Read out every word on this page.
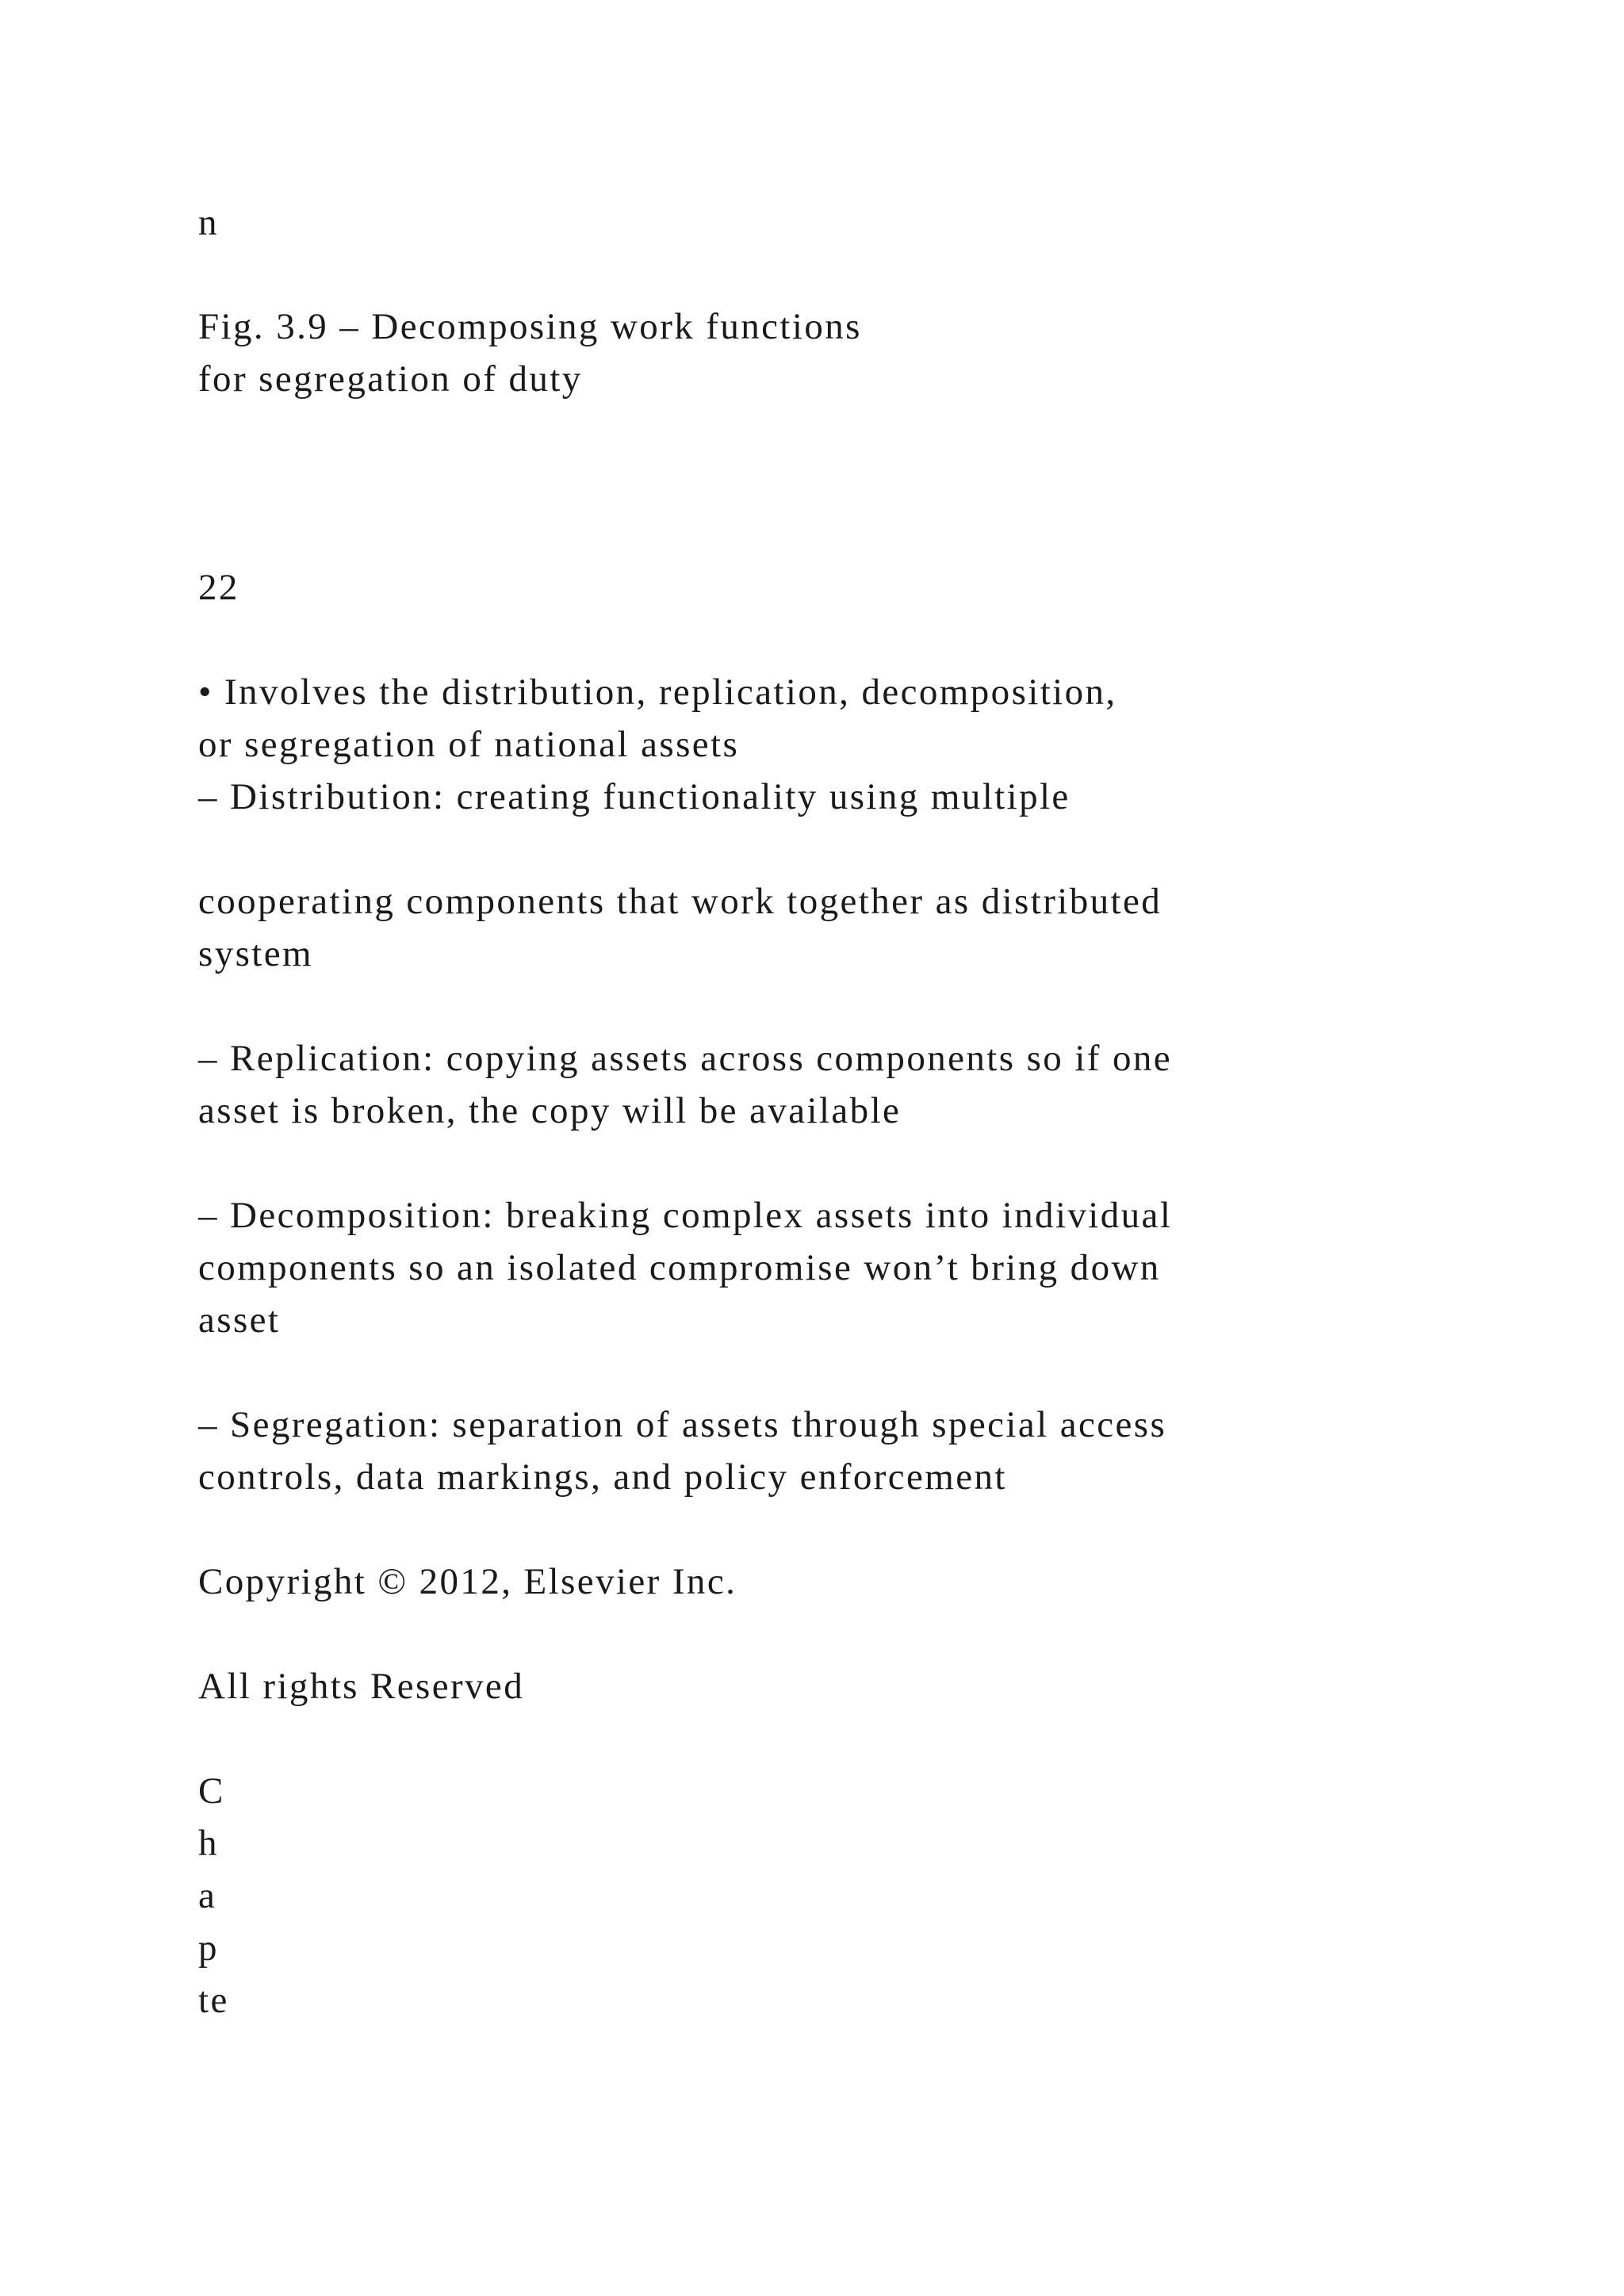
n

Fig. 3.9 – Decomposing work functions

for segregation of duty

22

• Involves the distribution, replication, decomposition,

or segregation of national assets

– Distribution: creating functionality using multiple

cooperating components that work together as distributed

system

– Replication: copying assets across components so if one

asset is broken, the copy will be available

– Decomposition: breaking complex assets into individual

components so an isolated compromise won’t bring down

asset

– Segregation: separation of assets through special access

controls, data markings, and policy enforcement

Copyright © 2012, Elsevier Inc.

All rights Reserved

C

h

a

p

te
